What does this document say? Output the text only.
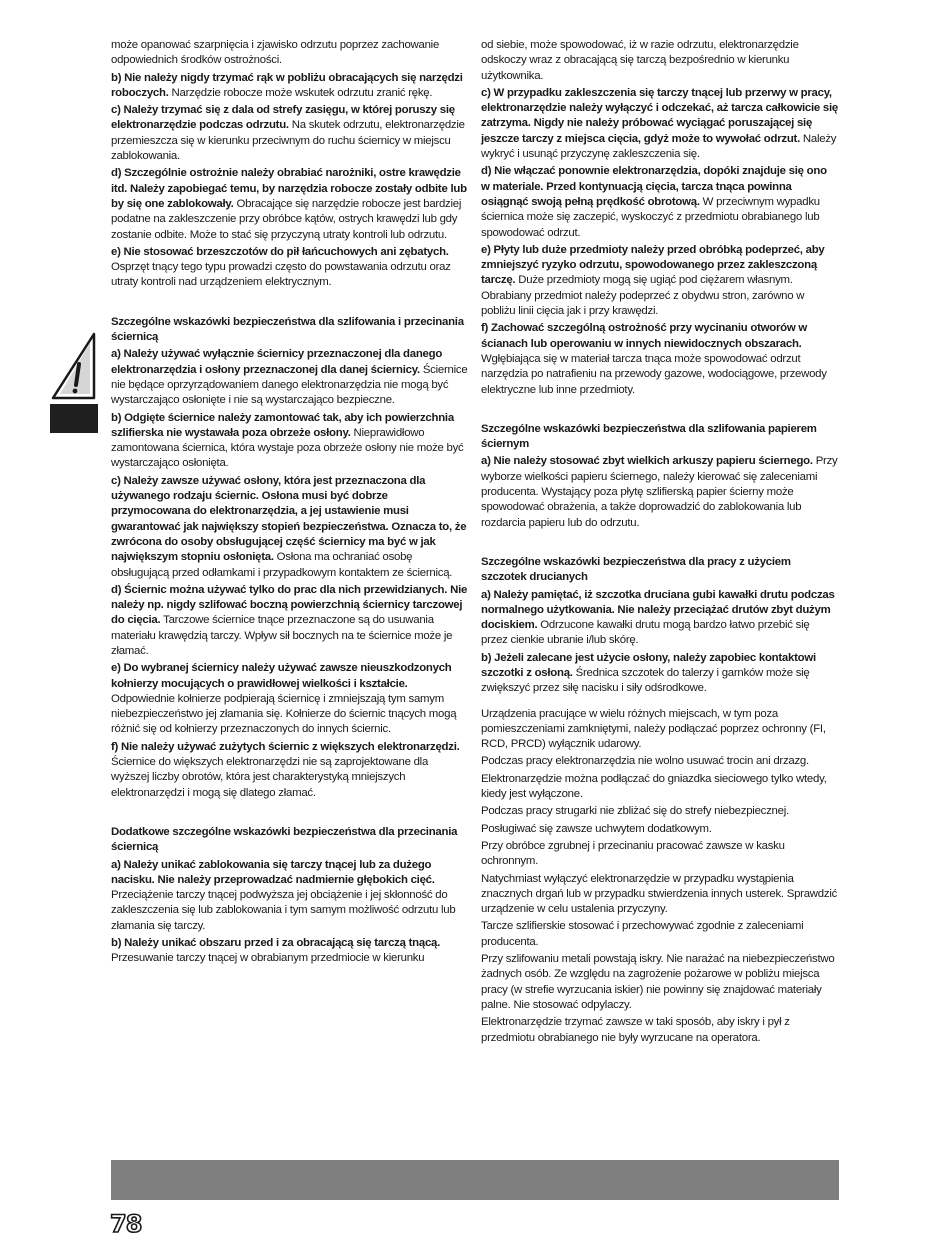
może opanować szarpnięcia i zjawisko odrzutu poprzez zachowanie odpowiednich środków ostrożności.
b) Nie należy nigdy trzymać rąk w pobliżu obracających się narzędzi roboczych. Narzędzie robocze może wskutek odrzutu zranić rękę.
c) Należy trzymać się z dala od strefy zasięgu, w której poruszy się elektronarzędzie podczas odrzutu. Na skutek odrzutu, elektronarzędzie przemieszcza się w kierunku przeciwnym do ruchu ściernicy w miejscu zablokowania.
d) Szczególnie ostrożnie należy obrabiać narożniki, ostre krawędzie itd. Należy zapobiegać temu, by narzędzia robocze zostały odbite lub by się one zablokowały. Obracające się narzędzie robocze jest bardziej podatne na zakleszczenie przy obróbce kątów, ostrych krawędzi lub gdy zostanie odbite. Może to stać się przyczyną utraty kontroli lub odrzutu.
e) Nie stosować brzeszczotów do pił łańcuchowych ani zębatych. Osprzęt tnący tego typu prowadzi często do powstawania odrzutu oraz utraty kontroli nad urządzeniem elektrycznym.
Szczególne wskazówki bezpieczeństwa dla szlifowania i przecinania ściernicą
a) Należy używać wyłącznie ściernicy przeznaczonej dla danego elektronarzędzia i osłony przeznaczonej dla danej ściernicy. Ściernice nie będące oprzyrządowaniem danego elektronarzędzia nie mogą być wystarczająco osłonięte i nie są wystarczająco bezpieczne.
b) Odgięte ściernice należy zamontować tak, aby ich powierzchnia szlifierska nie wystawała poza obrzeże osłony. Nieprawidłowo zamontowana ściernica, która wystaje poza obrzeże osłony nie może być wystarczająco osłonięta.
c) Należy zawsze używać osłony, która jest przeznaczona dla używanego rodzaju ściernic. Osłona musi być dobrze przymocowana do elektronarzędzia, a jej ustawienie musi gwarantować jak największy stopień bezpieczeństwa. Oznacza to, że zwrócona do osoby obsługującej część ściernicy ma być w jak największym stopniu osłonięta. Osłona ma ochraniać osobę obsługującą przed odłamkami i przypadkowym kontaktem ze ściernicą.
d) Ściernic można używać tylko do prac dla nich przewidzianych. Nie należy np. nigdy szlifować boczną powierzchnią ściernicy tarczowej do cięcia. Tarczowe ściernice tnące przeznaczone są do usuwania materiału krawędzią tarczy. Wpływ sił bocznych na te ściernice może je złamać.
e) Do wybranej ściernicy należy używać zawsze nieuszkodzonych kołnierzy mocujących o prawidłowej wielkości i kształcie. Odpowiednie kołnierze podpierają ściernicę i zmniejszają tym samym niebezpieczeństwo jej złamania się. Kołnierze do ściernic tnących mogą różnić się od kołnierzy przeznaczonych do innych ściernic.
f) Nie należy używać zużytych ściernic z większych elektronarzędzi. Ściernice do większych elektronarzędzi nie są zaprojektowane dla wyższej liczby obrotów, która jest charakterystyką mniejszych elektronarzędzi i mogą się dlatego złamać.
Dodatkowe szczególne wskazówki bezpieczeństwa dla przecinania ściernicą
a) Należy unikać zablokowania się tarczy tnącej lub za dużego nacisku. Nie należy przeprowadzać nadmiernie głębokich cięć. Przeciążenie tarczy tnącej podwyższa jej obciążenie i jej skłonność do zakleszczenia się lub zablokowania i tym samym możliwość odrzutu lub złamania się tarczy.
b) Należy unikać obszaru przed i za obracającą się tarczą tnącą. Przesuwanie tarczy tnącej w obrabianym przedmiocie w kierunku
od siebie, może spowodować, iż w razie odrzutu, elektronarzędzie odskoczy wraz z obracającą się tarczą bezpośrednio w kierunku użytkownika.
c) W przypadku zakleszczenia się tarczy tnącej lub przerwy w pracy, elektronarzędzie należy wyłączyć i odczekać, aż tarcza całkowicie się zatrzyma. Nigdy nie należy próbować wyciągać poruszającej się jeszcze tarczy z miejsca cięcia, gdyż może to wywołać odrzut. Należy wykryć i usunąć przyczynę zakleszczenia się.
d) Nie włączać ponownie elektronarzędzia, dopóki znajduje się ono w materiale. Przed kontynuacją cięcia, tarcza tnąca powinna osiągnąć swoją pełną prędkość obrotową. W przeciwnym wypadku ściernica może się zaczepić, wyskoczyć z przedmiotu obrabianego lub spowodować odrzut.
e) Płyty lub duże przedmioty należy przed obróbką podeprzeć, aby zmniejszyć ryzyko odrzutu, spowodowanego przez zakleszczoną tarczę. Duże przedmioty mogą się ugiąć pod ciężarem własnym. Obrabiany przedmiot należy podeprzeć z obydwu stron, zarówno w pobliżu linii cięcia jak i przy krawędzi.
f) Zachować szczególną ostrożność przy wycinaniu otworów w ścianach lub operowaniu w innych niewidocznych obszarach. Wgłębiająca się w materiał tarcza tnąca może spowodować odrzut narzędzia po natrafieniu na przewody gazowe, wodociągowe, przewody elektryczne lub inne przedmioty.
Szczególne wskazówki bezpieczeństwa dla szlifowania papierem ściernym
a) Nie należy stosować zbyt wielkich arkuszy papieru ściernego. Przy wyborze wielkości papieru ściernego, należy kierować się zaleceniami producenta. Wystający poza płytę szlifierską papier ścierny może spowodować obrażenia, a także doprowadzić do zablokowania lub rozdarcia papieru lub do odrzutu.
Szczególne wskazówki bezpieczeństwa dla pracy z użyciem szczotek drucianych
a) Należy pamiętać, iż szczotka druciana gubi kawałki drutu podczas normalnego użytkowania. Nie należy przeciążać drutów zbyt dużym dociskiem. Odrzucone kawałki drutu mogą bardzo łatwo przebić się przez cienkie ubranie i/lub skórę.
b) Jeżeli zalecane jest użycie osłony, należy zapobiec kontaktowi szczotki z osłoną. Średnica szczotek do talerzy i garnków może się zwiększyć przez siłę nacisku i siły odśrodkowe.
Urządzenia pracujące w wielu różnych miejscach, w tym poza pomieszczeniami zamkniętymi, należy podłączać poprzez ochronny (FI, RCD, PRCD) wyłącznik udarowy.
Podczas pracy elektronarzędzia nie wolno usuwać trocin ani drzazg.
Elektronarzędzie można podłączać do gniazdka sieciowego tylko wtedy, kiedy jest wyłączone.
Podczas pracy strugarki nie zbliżać się do strefy niebezpiecznej.
Posługiwać się zawsze uchwytem dodatkowym.
Przy obróbce zgrubnej i przecinaniu pracować zawsze w kasku ochronnym.
Natychmiast wyłączyć elektronarzędzie w przypadku wystąpienia znacznych drgań lub w przypadku stwierdzenia innych usterek. Sprawdzić urządzenie w celu ustalenia przyczyny.
Tarcze szlifierskie stosować i przechowywać zgodnie z zaleceniami producenta.
Przy szlifowaniu metali powstają iskry. Nie narażać na niebezpieczeństwo żadnych osób. Ze względu na zagrożenie pożarowe w pobliżu miejsca pracy (w strefie wyrzucania iskier) nie powinny się znajdować materiały palne. Nie stosować odpylaczy.
Elektronarzędzie trzymać zawsze w taki sposób, aby iskry i pył z przedmiotu obrabianego nie były wyrzucane na operatora.
78
